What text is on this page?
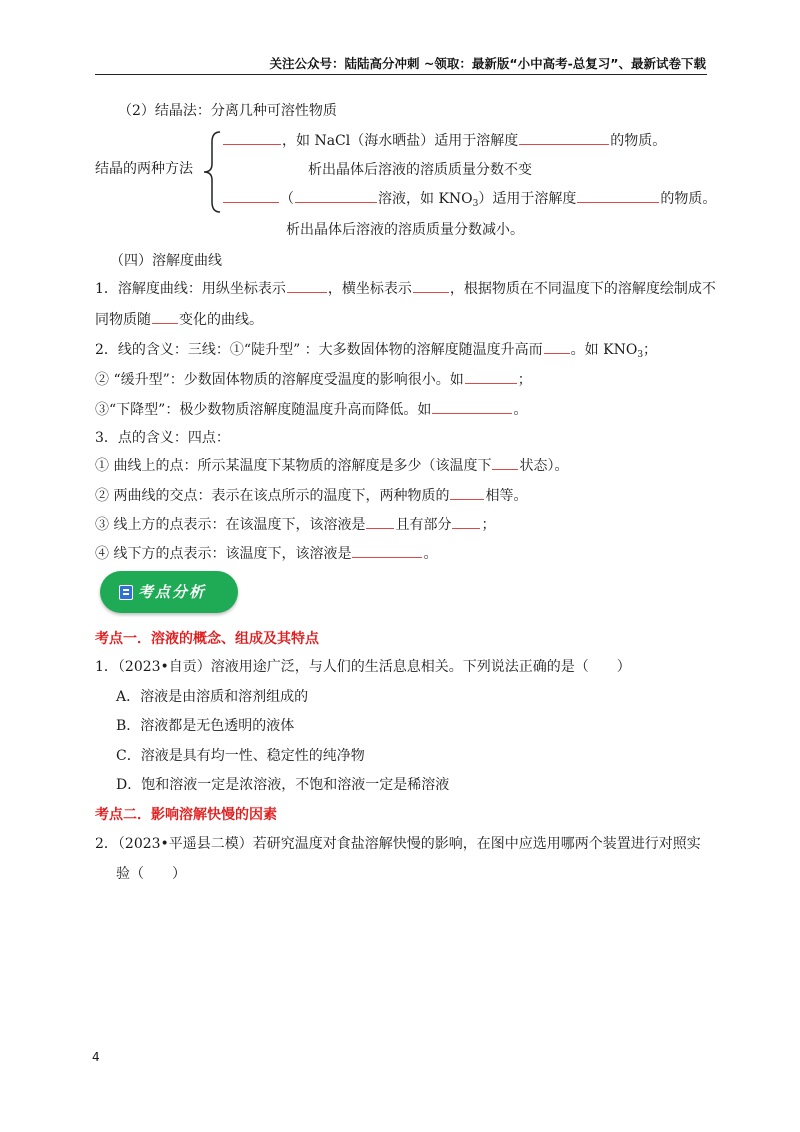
关注公众号：陆陆高分冲刺 ~领取：最新版“小中高考-总复习”、最新试卷下载
（2）结晶法：分离几种可溶性物质
结晶的两种方法
，如 NaCl（海水晒盐）适用于溶解度	的物质。
析出晶体后溶液的溶质质量分数不变
（	溶液，如 $KNO_3$）适用于溶解度	的物质。
析出晶体后溶液的溶质质量分数减小。
（四）溶解度曲线
1．溶解度曲线：用纵坐标表示	，横坐标表示	，根据物质在不同温度下的溶解度绘制成不
同物质随 变化的曲线。
2．线的含义：三线：①“陡升型” ：大多数固体物的溶解度随温度升高而 。如 $KNO_3$；
② “缓升型”：少数固体物质的溶解度受温度的影响很小。如	；
③“下降型”：极少数物质溶解度随温度升高而降低。如	。
3．点的含义：四点：
① 曲线上的点：所示某温度下某物质的溶解度是多少（该温度下 状态）。
② 两曲线的交点：表示在该点所示的温度下，两种物质的	相等。
③ 线上方的点表示：在该温度下，该溶液是 且有部分 ；
④ 线下方的点表示：该温度下，该溶液是	。
考点分析
考点一．溶液的概念、组成及其特点
1．（2023•自贡）溶液用途广泛，与人们的生活息息相关。下列说法正确的是（　　）
A．溶液是由溶质和溶剂组成的
B．溶液都是无色透明的液体
C．溶液是具有均一性、稳定性的纯净物
D．饱和溶液一定是浓溶液，不饱和溶液一定是稀溶液
考点二．影响溶解快慢的因素
2．（2023•平遥县二模）若研究温度对食盐溶解快慢的影响，在图中应选用哪两个装置进行对照实
验（　　）
4
